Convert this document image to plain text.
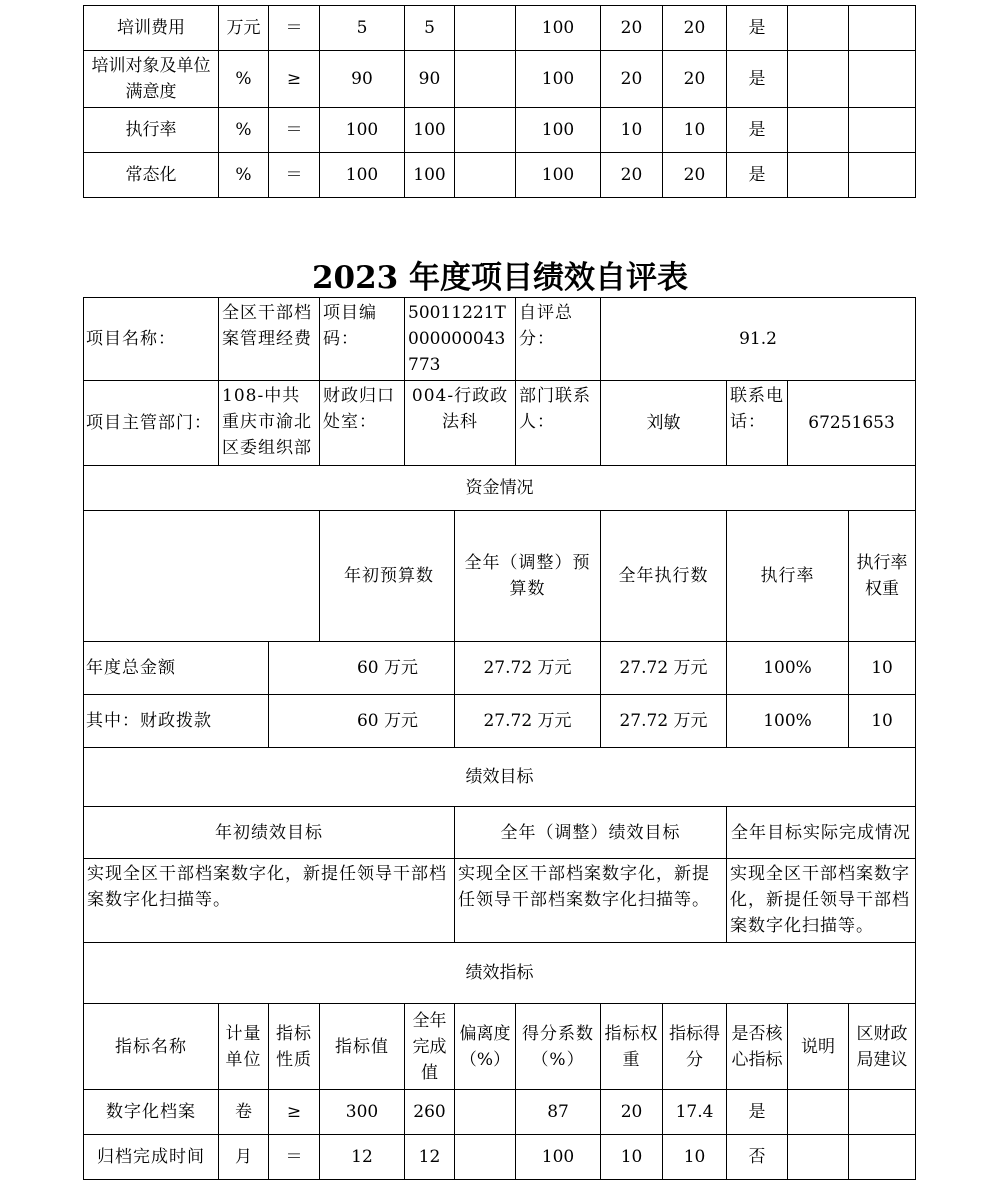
培训费用	万元	＝	5	5		100	20	20	是		
培训对象及单位满意度	%	≥	90	90		100	20	20	是		
执行率	%	＝	100	100		100	10	10	是		
常态化	%	＝	100	100		100	20	20	是		
2023 年度项目绩效自评表
项目名称：	全区干部档案管理经费		项目编码：	50011221T000000043773		自评总分：	91.2					
项目主管部门：	108-中共重庆市渝北区委组织部		财政归口处室：	004-行政政法科		部门联系人：	刘敏		联系电话：	67251653		
资金情况												
			年初预算数		全年（调整）预算数		全年执行数		执行率		执行率权重	
年度总金额		60 万元			27.72 万元		27.72 万元		100%		10	
其中：财政拨款		60 万元			27.72 万元		27.72 万元		100%		10	
绩效目标												
年初绩效目标					全年（调整）绩效目标				全年目标实际完成情况			
实现全区干部档案数字化，新提任领导干部档案数字化扫描等。					实现全区干部档案数字化，新提任领导干部档案数字化扫描等。				实现全区干部档案数字化，新提任领导干部档案数字化扫描等。			
绩效指标												
指标名称	计量单位	指标性质	指标值	全年完成值	偏离度（%）	得分系数（%）	指标权重	指标得分	是否核心指标	说明	区财政局建议	
数字化档案	卷	≥	300	260		87	20	17.4	是			
归档完成时间	月	＝	12	12		100	10	10	否			
